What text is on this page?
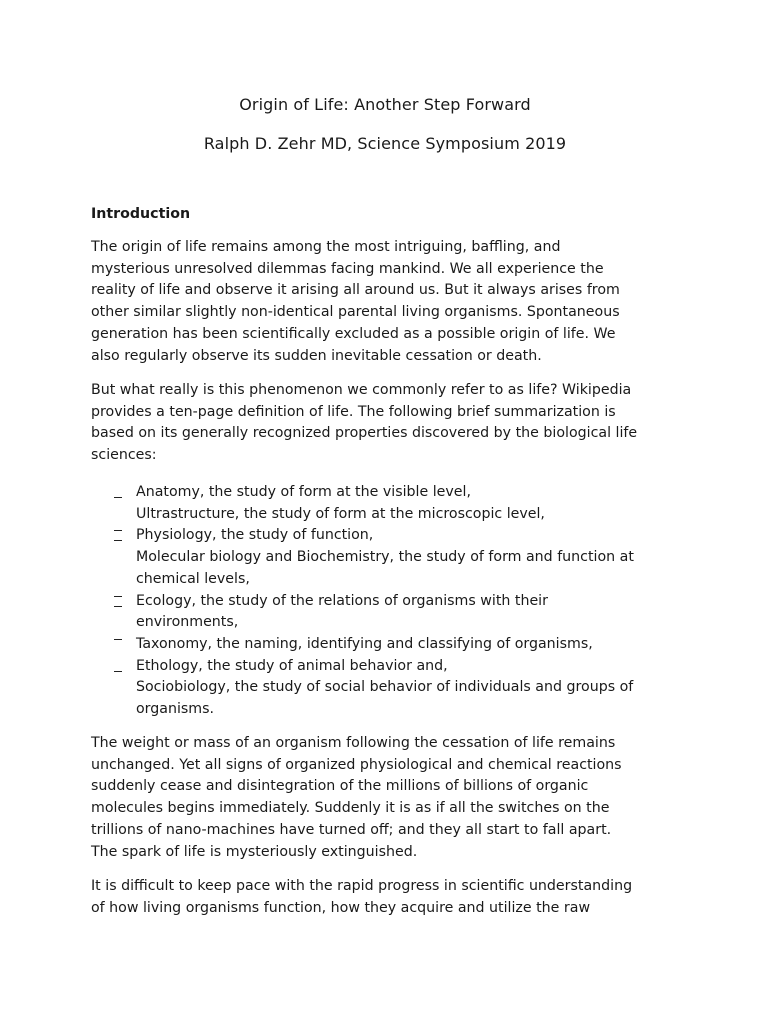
Origin of Life: Another Step Forward
Ralph D. Zehr MD, Science Symposium 2019
Introduction

The origin of life remains among the most intriguing, baffling, and
mysterious unresolved dilemmas facing mankind. We all experience the
reality of life and observe it arising all around us. But it always arises from
other similar slightly non-identical parental living organisms. Spontaneous
generation has been scientifically excluded as a possible origin of life. We
also regularly observe its sudden inevitable cessation or death.

But what really is this phenomenon we commonly refer to as life? Wikipedia
provides a ten-page definition of life. The following brief summarization is
based on its generally recognized properties discovered by the biological life
sciences:

Anatomy, the study of form at the visible level,
Ultrastructure, the study of form at the microscopic level,
Physiology, the study of function,
Molecular biology and Biochemistry, the study of form and function at
chemical levels,
Ecology, the study of the relations of organisms with their
environments,
Taxonomy, the naming, identifying and classifying of organisms,
Ethology, the study of animal behavior and,
Sociobiology, the study of social behavior of individuals and groups of
organisms.

The weight or mass of an organism following the cessation of life remains
unchanged. Yet all signs of organized physiological and chemical reactions
suddenly cease and disintegration of the millions of billions of organic
molecules begins immediately. Suddenly it is as if all the switches on the
trillions of nano-machines have turned off; and they all start to fall apart.
The spark of life is mysteriously extinguished.

It is difficult to keep pace with the rapid progress in scientific understanding
of how living organisms function, how they acquire and utilize the raw
